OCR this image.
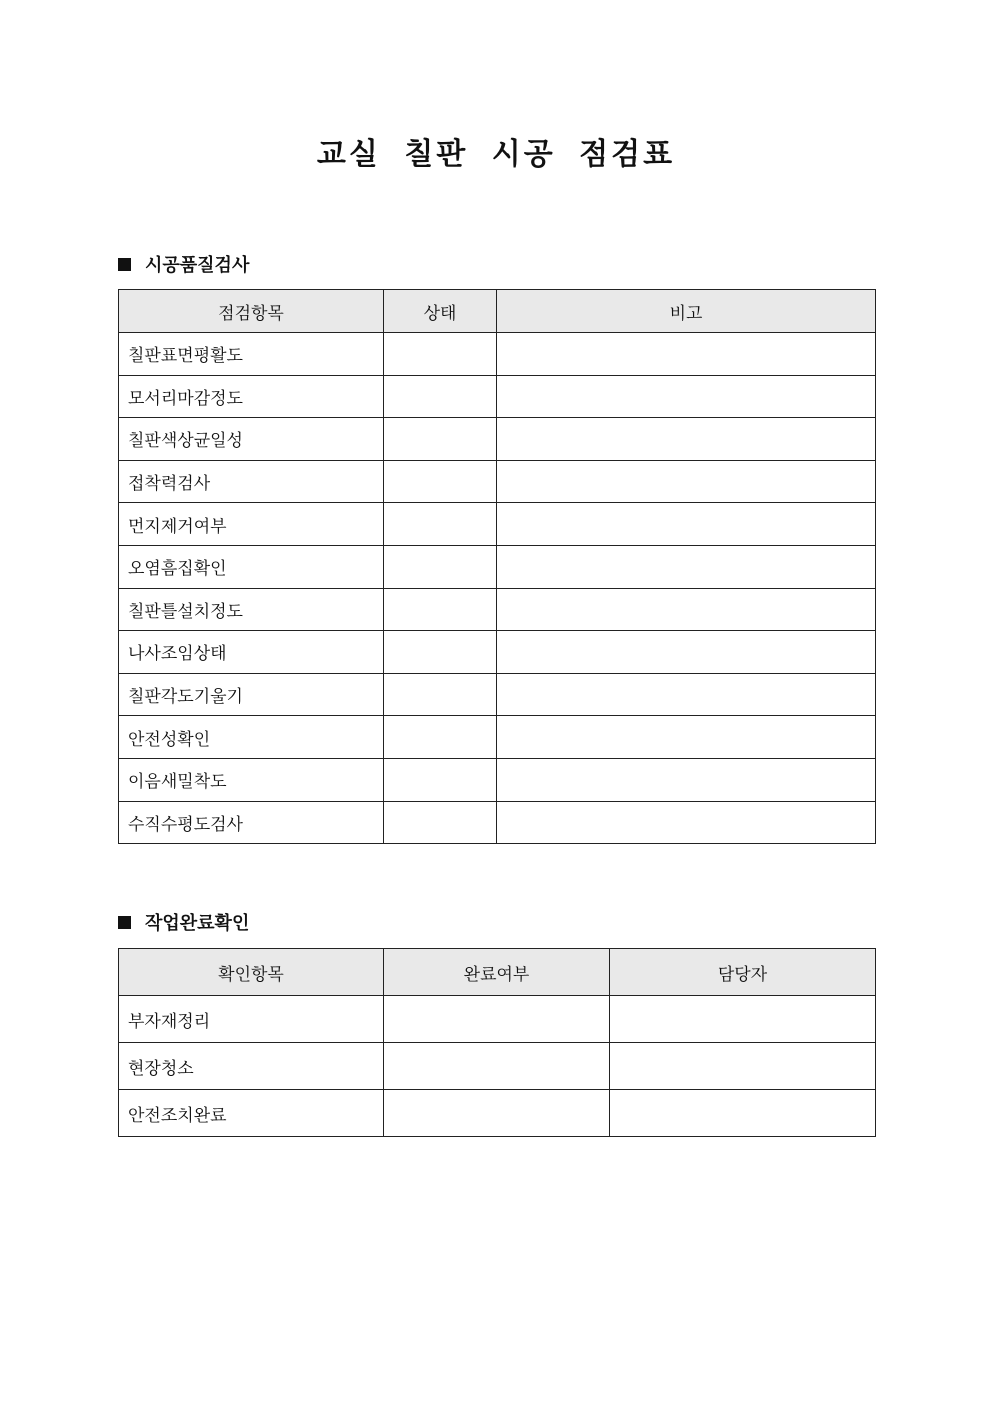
교실 칠판 시공 점검표
시공품질검사
점검항목	상태	비고
칠판표면평활도		
모서리마감정도		
칠판색상균일성		
접착력검사		
먼지제거여부		
오염흠집확인		
칠판틀설치정도		
나사조임상태		
칠판각도기울기		
안전성확인		
이음새밀착도		
수직수평도검사		
작업완료확인
확인항목	완료여부	담당자
부자재정리		
현장청소		
안전조치완료		
